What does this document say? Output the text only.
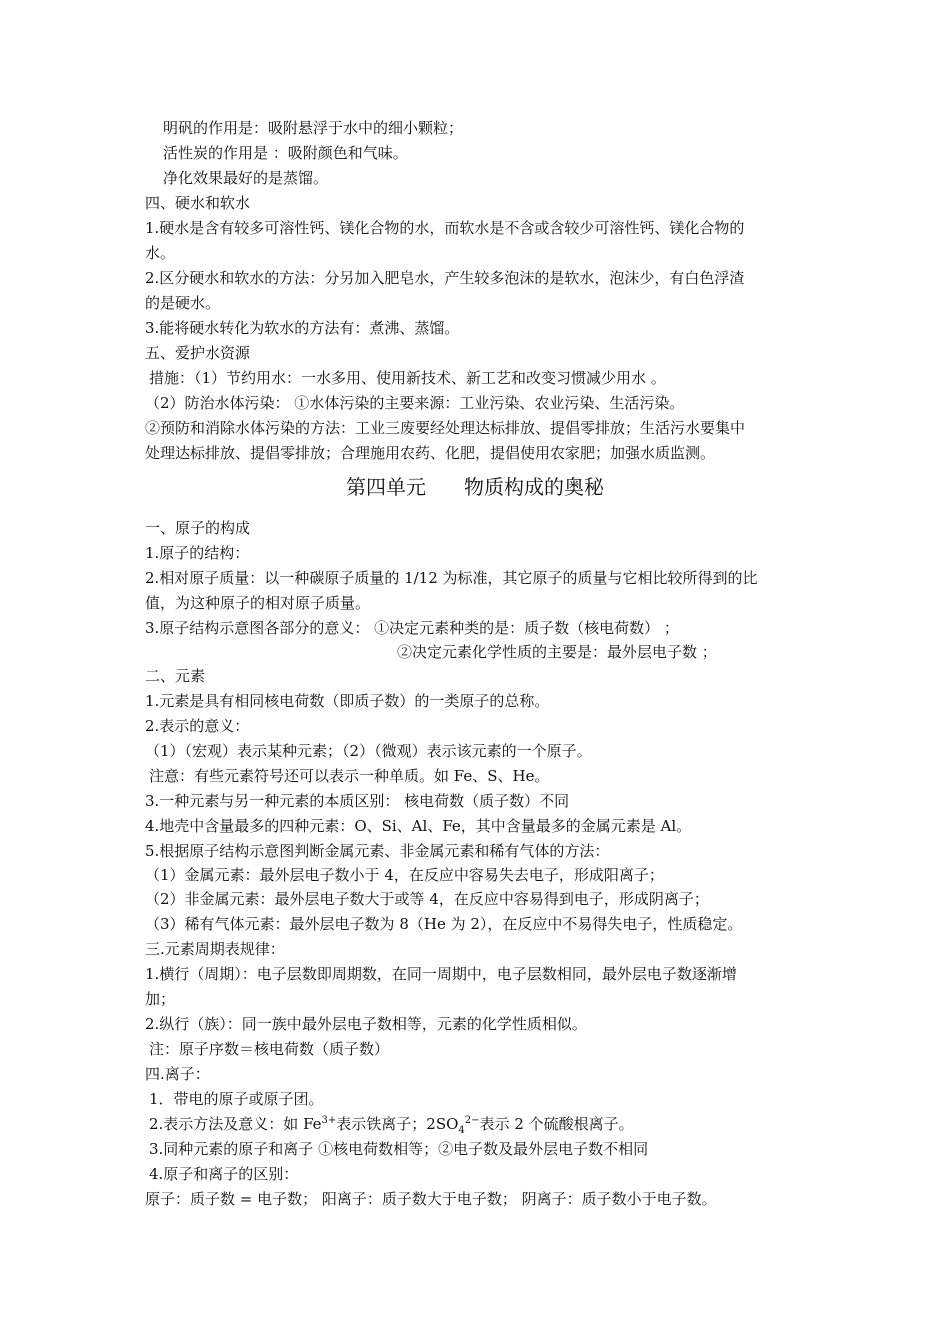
明矾的作用是：吸附悬浮于水中的细小颗粒；
活性炭的作用是 ：吸附颜色和气味。
净化效果最好的是蒸馏。
四、硬水和软水
1.硬水是含有较多可溶性钙、镁化合物的水，而软水是不含或含较少可溶性钙、镁化合物的
水。
2.区分硬水和软水的方法：分另加入肥皂水，产生较多泡沫的是软水，泡沫少，有白色浮渣
的是硬水。
3.能将硬水转化为软水的方法有：煮沸、蒸馏。
五、爱护水资源
措施：（1）节约用水：一水多用、使用新技术、新工艺和改变习惯减少用水 。
（2）防治水体污染： ①水体污染的主要来源：工业污染、农业污染、生活污染。
②预防和消除水体污染的方法：工业三废要经处理达标排放、提倡零排放；生活污水要集中
处理达标排放、提倡零排放；合理施用农药、化肥，提倡使用农家肥；加强水质监测。
第四单元 物质构成的奥秘
一、原子的构成
1.原子的结构：
2.相对原子质量：以一种碳原子质量的 1/12 为标准，其它原子的质量与它相比较所得到的比
值，为这种原子的相对原子质量。
3.原子结构示意图各部分的意义： ①决定元素种类的是：质子数（核电荷数） ；
②决定元素化学性质的主要是：最外层电子数 ；
二、元素
1.元素是具有相同核电荷数（即质子数）的一类原子的总称。
2.表示的意义：
（1）（宏观）表示某种元素；（2）（微观）表示该元素的一个原子。
注意：有些元素符号还可以表示一种单质。如 Fe、S、He。
3.一种元素与另一种元素的本质区别： 核电荷数（质子数）不同
4.地壳中含量最多的四种元素：O、Si、Al、Fe，其中含量最多的金属元素是 Al。
5.根据原子结构示意图判断金属元素、非金属元素和稀有气体的方法：
（1）金属元素：最外层电子数小于 4，在反应中容易失去电子，形成阳离子；
（2）非金属元素：最外层电子数大于或等 4，在反应中容易得到电子，形成阴离子；
（3）稀有气体元素：最外层电子数为 8（He 为 2），在反应中不易得失电子，性质稳定。
三.元素周期表规律：
1.横行（周期）：电子层数即周期数，在同一周期中，电子层数相同，最外层电子数逐渐增
加；
2.纵行（族）：同一族中最外层电子数相等，元素的化学性质相似。
注：原子序数＝核电荷数（质子数）
四.离子：
1．带电的原子或原子团。
2.表示方法及意义：如 $Fe^{3+}$表示铁离子；$2SO_4^{2-}$表示 2 个硫酸根离子。
3.同种元素的原子和离子 ①核电荷数相等；②电子数及最外层电子数不相同
4.原子和离子的区别：
原子：质子数 = 电子数； 阳离子：质子数大于电子数； 阴离子：质子数小于电子数。
